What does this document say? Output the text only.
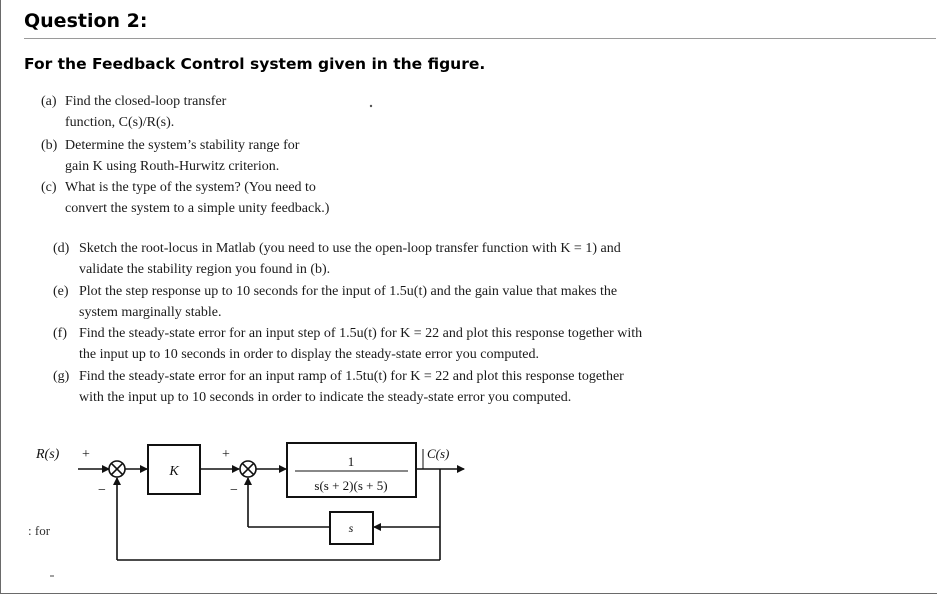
Question 2:
For the Feedback Control system given in the figure.
(a) Find the closed-loop transfer
function, C(s)/R(s).
(b) Determine the system’s stability range for
gain K using Routh-Hurwitz criterion.
(c) What is the type of the system? (You need to
convert the system to a simple unity feedback.)
(d) Sketch the root-locus in Matlab (you need to use the open-loop transfer function with K = 1) and
validate the stability region you found in (b).
(e) Plot the step response up to 10 seconds for the input of 1.5u(t) and the gain value that makes the
system marginally stable.
(f) Find the steady-state error for an input step of 1.5u(t) for K = 22 and plot this response together with
the input up to 10 seconds in order to display the steady-state error you computed.
(g) Find the steady-state error for an input ramp of 1.5tu(t) for K = 22 and plot this response together
with the input up to 10 seconds in order to indicate the steady-state error you computed.
R(s) +
−
K
+
−
1
s(s + 2)(s + 5)
C(s)
s
: for
